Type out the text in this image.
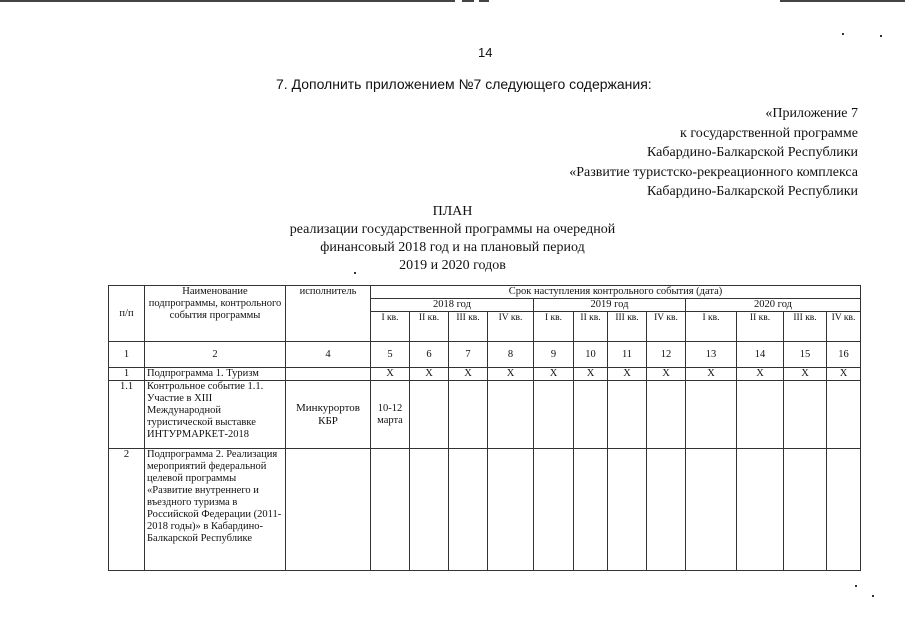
14
7. Дополнить приложением №7 следующего содержания:
«Приложение 7
к государственной программе
Кабардино-Балкарской Республики
«Развитие туристско-рекреационного комплекса
Кабардино-Балкарской Республики
ПЛАН
реализации государственной программы на очередной
финансовый 2018 год и на плановый период
2019 и 2020 годов
п/п	Наименование подпрограммы, контрольного события программы	исполнитель	Срок наступления контрольного события (дата)											
			2018 год				2019 год				2020 год			
			I кв.	II кв.	III кв.	IV кв.	I кв.	II кв.	III кв.	IV кв.	I кв.	II кв.	III кв.	IV кв.
1	2	4	5	6	7	8	9	10	11	12	13	14	15	16
1	Подпрограмма 1. Туризм		X	X	X	X	X	X	X	X	X	X	X	X
1.1	Контрольное событие 1.1. Участие в XIII Международной туристической выставке ИНТУРМАРКЕТ-2018	Минкурортов КБР	10-12 марта											
2	Подпрограмма 2. Реализация мероприятий федеральной целевой программы «Развитие внутреннего и въездного туризма в Российской Федерации (2011-2018 годы)» в Кабардино-Балкарской Республике													
